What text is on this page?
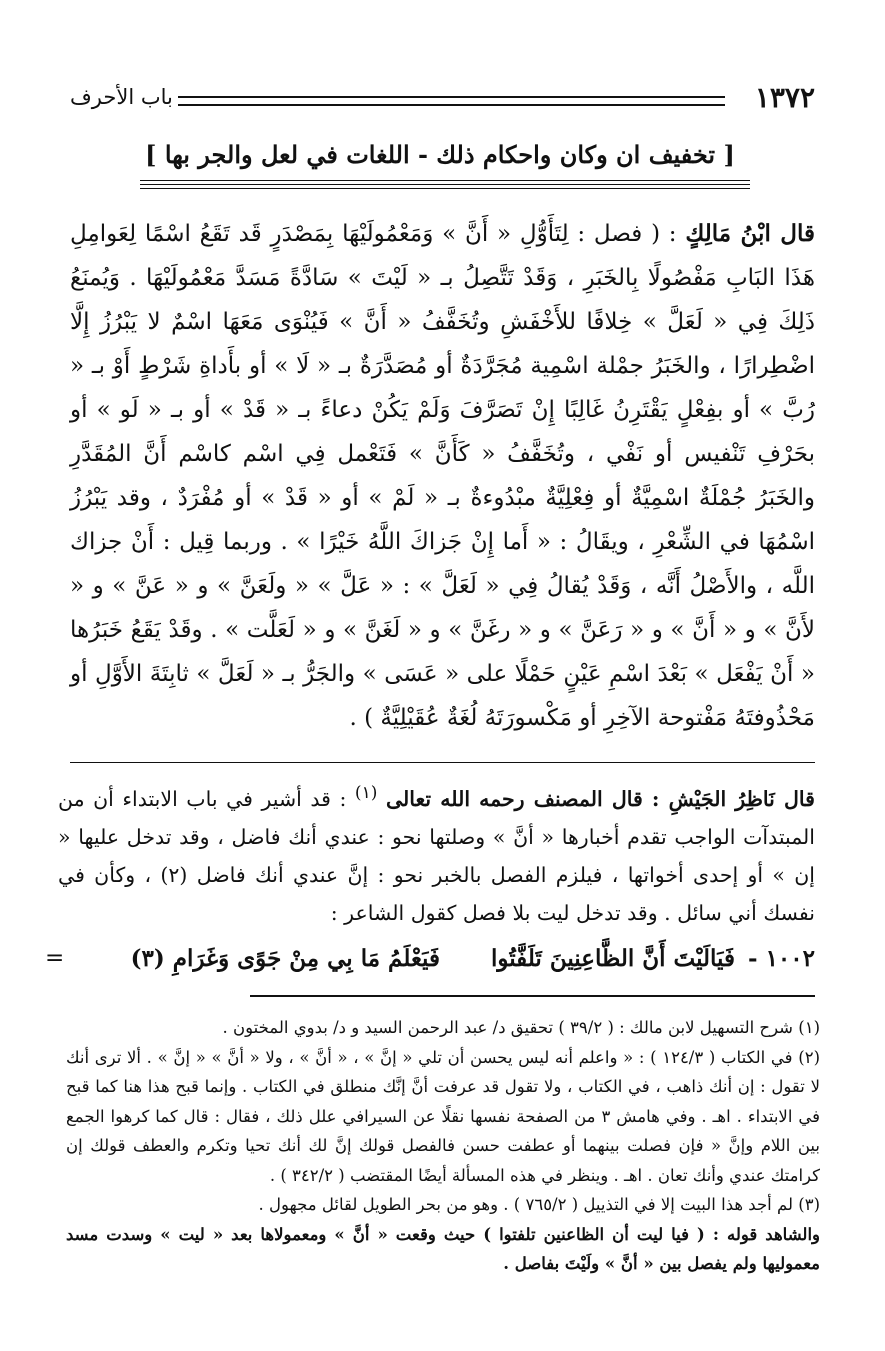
١٣٧٢
باب الأحرف
[ تخفيف ان وكان واحكام ذلك - اللغات في لعل والجر بها ]

قال ابْنُ مَالِكٍ : ( فصل : لِتَأَوُّلِ « أَنَّ » وَمَعْمُولَيْهَا بِمَصْدَرٍ قَد تَقَعُ اسْمًا لِعَوامِلِ هَذَا البَابِ مَفْصُولًا بِالخَبَرِ ، وَقَدْ تَتَّصِلُ بـ « لَيْتَ » سَادَّةً مَسَدَّ مَعْمُولَيْهَا . وَيُمنَعُ ذَلِكَ فِي « لَعَلَّ » خِلافًا للأَخْفَشِ وتُخَفَّفُ « أَنَّ » فَيُنْوَى مَعَهَا اسْمٌ لا يَبْرُزُ إِلَّا اضْطِرارًا ، والخَبَرُ جمْلة اسْمِية مُجَرَّدَةٌ أو مُصَدَّرَةٌ بـ « لَا » أو بأَداةِ شَرْطٍ أَوْ بـ « رُبَّ » أو بفِعْلٍ يَقْتَرِنُ غَالِبًا إِنْ تَصَرَّفَ وَلَمْ يَكُنْ دعاءً بـ « قَدْ » أو بـ « لَو » أو بحَرْفِ تَنْفيس أو نَفْي ، وتُخَفَّفُ « كَأَنَّ » فَتَعْمل فِي اسْم كاسْم أَنَّ المُقَدَّرِ والخَبَرُ جُمْلَةٌ اسْمِيَّةٌ أو فِعْلِيَّةٌ مبْدُوءةٌ بـ « لَمْ » أو « قَدْ » أو مُفْرَدٌ ، وقد يَبْرُزُ اسْمُهَا في الشِّعْرِ ، ويقَالُ : « أَما إِنْ جَزاكَ اللَّهُ خَيْرًا » . وربما قِيل : أَنْ جزاك اللَّه ، والأَصْلُ أَنَّه ، وَقَدْ يُقالُ فِي « لَعَلَّ » : « عَلَّ » « ولَعَنَّ » و « عَنَّ » و « لأَنَّ » و « أَنَّ » و « رَعَنَّ » و « رغَنَّ » و « لَغَنَّ » و « لَعَلَّت » . وقَدْ يَقَعُ خَبَرُها « أَنْ يَفْعَل » بَعْدَ اسْمِ عَيْنٍ حَمْلًا على « عَسَى » والجَرُّ بـ « لَعَلَّ » ثابِتَةَ الأَوَّلِ أو مَحْذُوفتَهُ مَفْتوحة الآخِرِ أو مَكْسورَتَهُ لُغَةٌ عُقَيْلِيَّةٌ ) .

قال نَاظِرُ الجَيْشِ : قال المصنف رحمه الله تعالى $^{(١)}$ : قد أشير في باب الابتداء أن من المبتدآت الواجب تقدم أخبارها « أنَّ » وصلتها نحو : عندي أنك فاضل ، وقد تدخل عليها « إن » أو إحدى أخواتها ، فيلزم الفصل بالخبر نحو : إنَّ عندي أنك فاضل (٢) ، وكأن في نفسك أني سائل . وقد تدخل ليت بلا فصل كقول الشاعر :
١٠٠٢ -
فَيَالَيْتَ أَنَّ الظَّاعِنِينَ تَلَفَّتُوا
فَيَعْلَمُ مَا بِي مِنْ جَوًى وَغَرَامِ (٣)
=

(١) شرح التسهيل لابن مالك : ( ٣٩/٢ ) تحقيق د/ عبد الرحمن السيد و د/ بدوي المختون .

(٢) في الكتاب ( ١٢٤/٣ ) : « واعلم أنه ليس يحسن أن تلي « إنَّ » ، « أنَّ » ، ولا « أنَّ » « إنَّ » . ألا ترى أنك لا تقول : إن أنك ذاهب ، في الكتاب ، ولا تقول قد عرفت أنَّ إنَّك منطلق في الكتاب . وإنما قبح هذا هنا كما قبح في الابتداء . اهـ . وفي هامش ٣ من الصفحة نفسها نقلًا عن السيرافي علل ذلك ، فقال : قال كما كرهوا الجمع بين اللام وإنَّ « فإن فصلت بينهما أو عطفت حسن فالفصل قولك إنَّ لك أنك تحيا وتكرم والعطف قولك إن كرامتك عندي وأنك تعان . اهـ . وينظر في هذه المسألة أيضًا المقتضب ( ٣٤٢/٢ ) .

(٣) لم أجد هذا البيت إلا في التذييل ( ٧٦٥/٢ ) . وهو من بحر الطويل لقائل مجهول .

والشاهد قوله : ( فيا ليت أن الظاعنين تلفتوا ) حيث وقعت « أنَّ » ومعمولاها بعد « ليت » وسدت مسد معموليها ولم يفصل بين « أنَّ » ولَيْتَ بفاصل .
